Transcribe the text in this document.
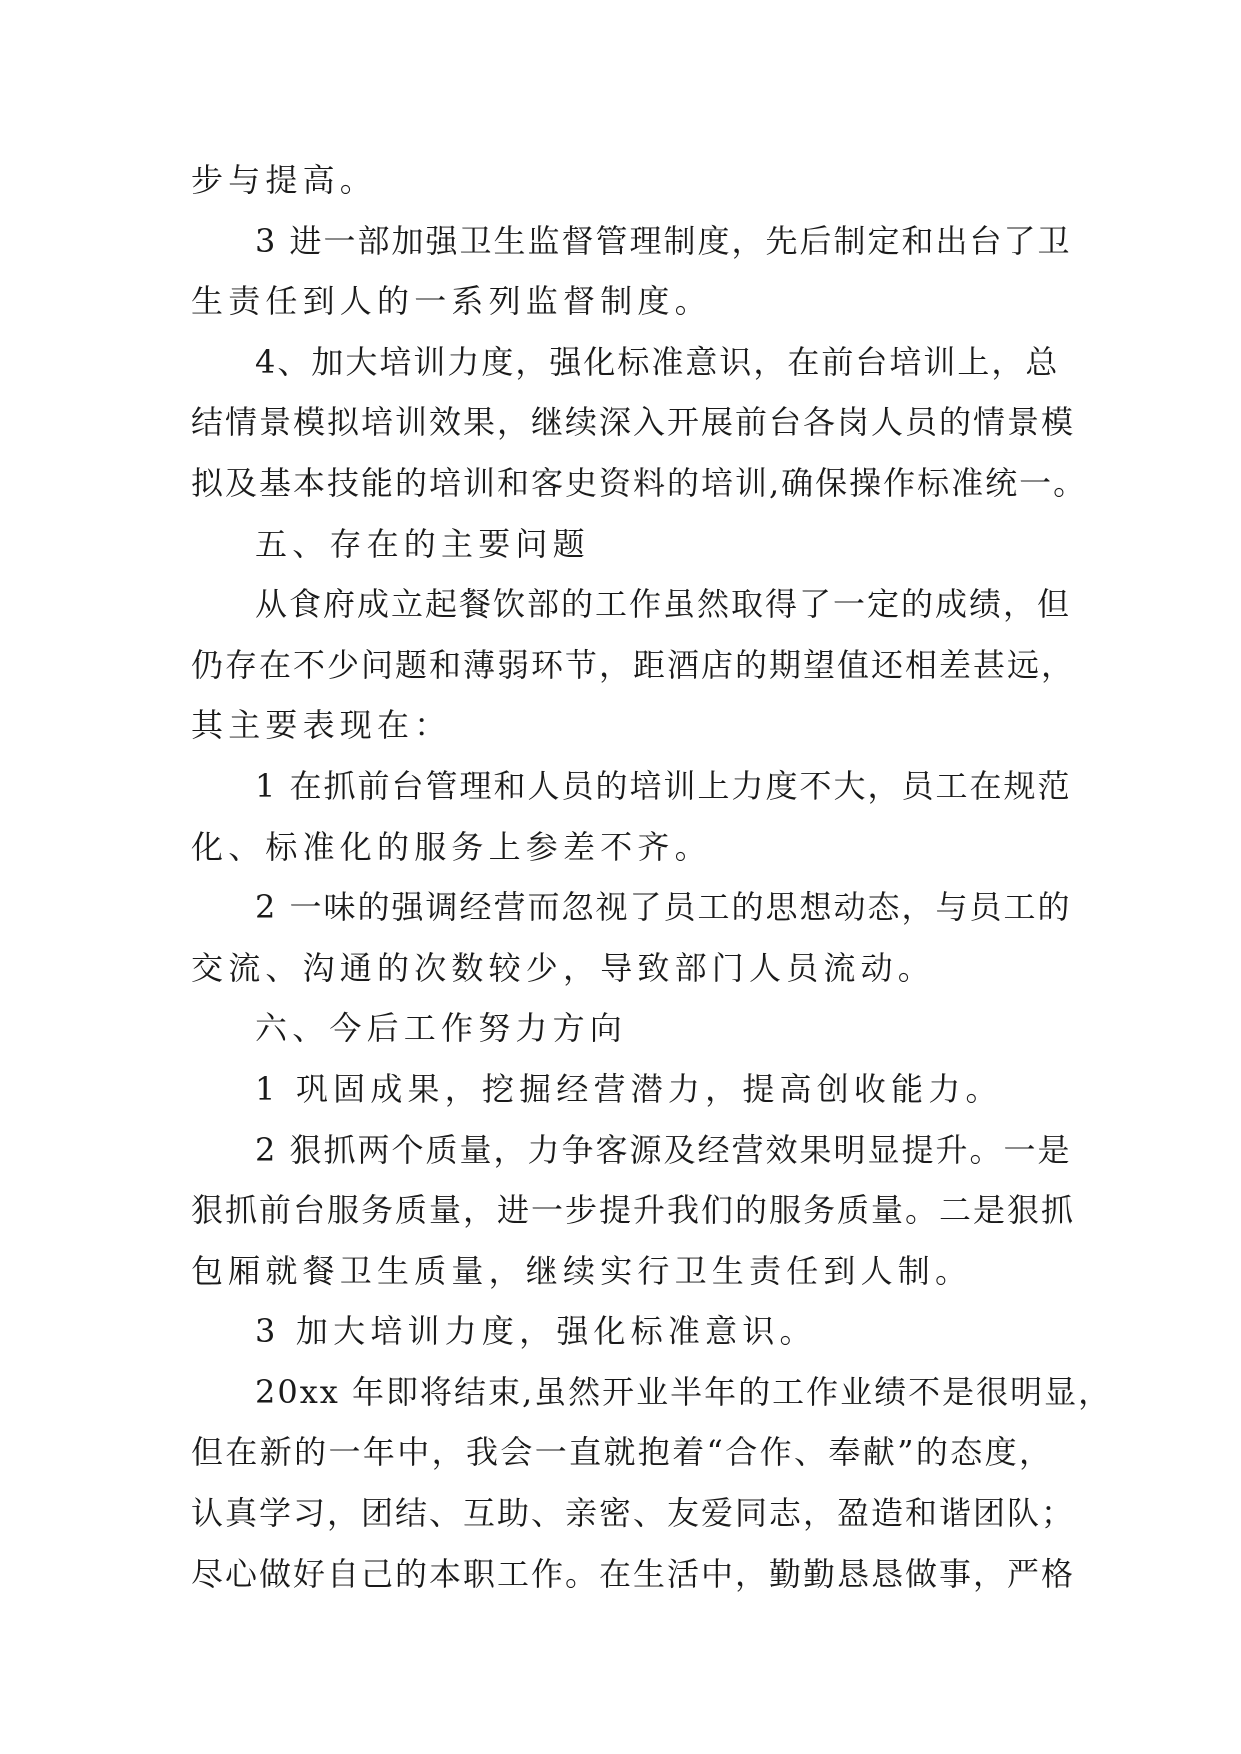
步与提高。
3 进一部加强卫生监督管理制度，先后制定和出台了卫
生责任到人的一系列监督制度。
4、加大培训力度，强化标准意识，在前台培训上，总
结情景模拟培训效果，继续深入开展前台各岗人员的情景模
拟及基本技能的培训和客史资料的培训,确保操作标准统一。
五、存在的主要问题
从食府成立起餐饮部的工作虽然取得了一定的成绩，但
仍存在不少问题和薄弱环节，距酒店的期望值还相差甚远，
其主要表现在：
1 在抓前台管理和人员的培训上力度不大，员工在规范
化、标准化的服务上参差不齐。
2 一味的强调经营而忽视了员工的思想动态，与员工的
交流、沟通的次数较少，导致部门人员流动。
六、今后工作努力方向
1 巩固成果，挖掘经营潜力，提高创收能力。
2 狠抓两个质量，力争客源及经营效果明显提升。一是
狠抓前台服务质量，进一步提升我们的服务质量。二是狠抓
包厢就餐卫生质量，继续实行卫生责任到人制。
3 加大培训力度，强化标准意识。
20xx 年即将结束,虽然开业半年的工作业绩不是很明显，
但在新的一年中，我会一直就抱着“合作、奉献”的态度，
认真学习，团结、互助、亲密、友爱同志，盈造和谐团队；
尽心做好自己的本职工作。在生活中，勤勤恳恳做事，严格
